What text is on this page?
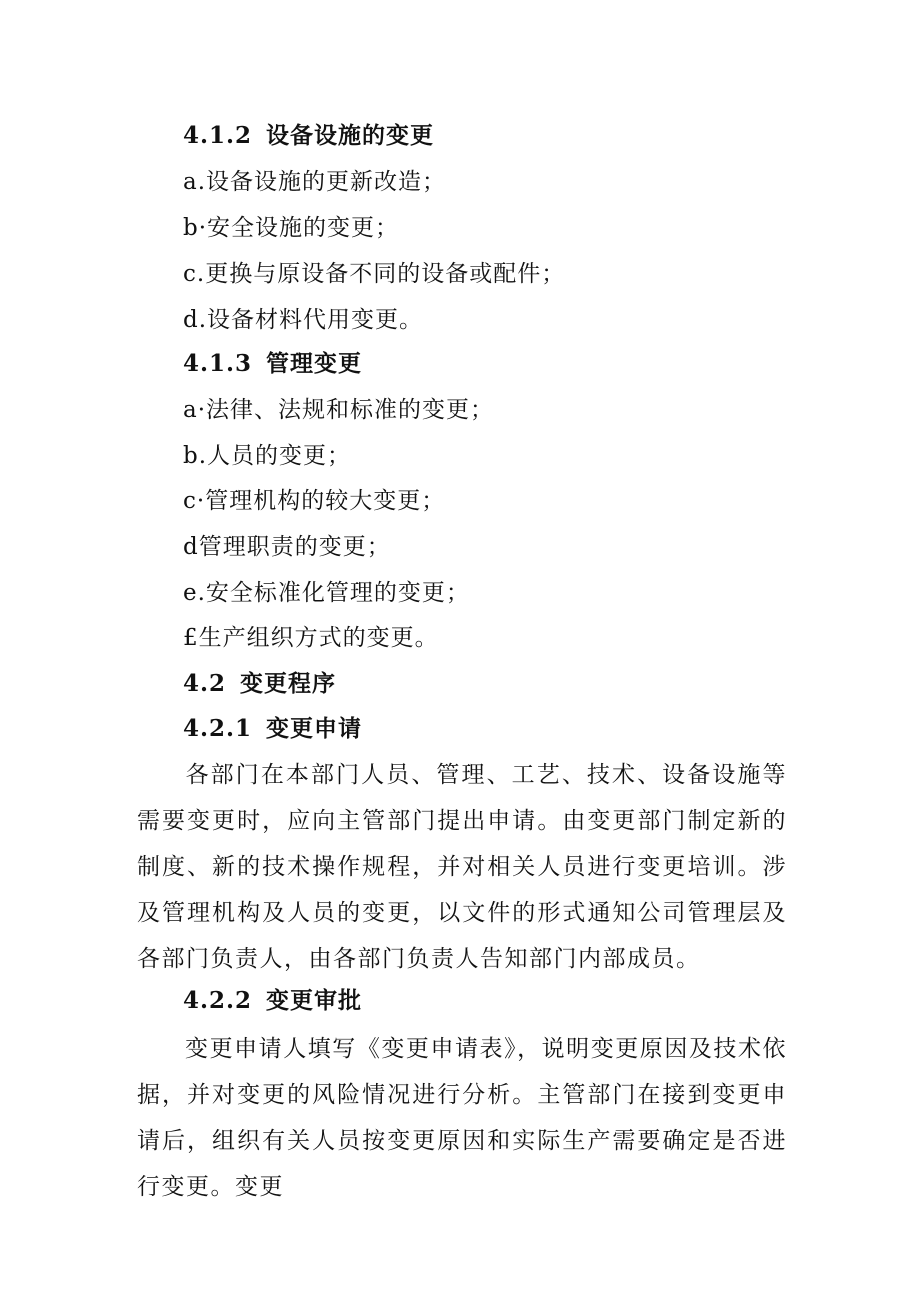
4.1.2 设备设施的变更
a.设备设施的更新改造；
b·安全设施的变更；
c.更换与原设备不同的设备或配件；
d.设备材料代用变更。
4.1.3 管理变更
a·法律、法规和标准的变更；
b.人员的变更；
c·管理机构的较大变更；
d管理职责的变更；
e.安全标准化管理的变更；
£生产组织方式的变更。
4.2 变更程序
4.2.1 变更申请
各部门在本部门人员、管理、工艺、技术、设备设施等需要变更时，应向主管部门提出申请。由变更部门制定新的制度、新的技术操作规程，并对相关人员进行变更培训。涉及管理机构及人员的变更，以文件的形式通知公司管理层及各部门负责人，由各部门负责人告知部门内部成员。
4.2.2 变更审批
变更申请人填写《变更申请表》，说明变更原因及技术依据，并对变更的风险情况进行分析。主管部门在接到变更申请后，组织有关人员按变更原因和实际生产需要确定是否进行变更。变更
